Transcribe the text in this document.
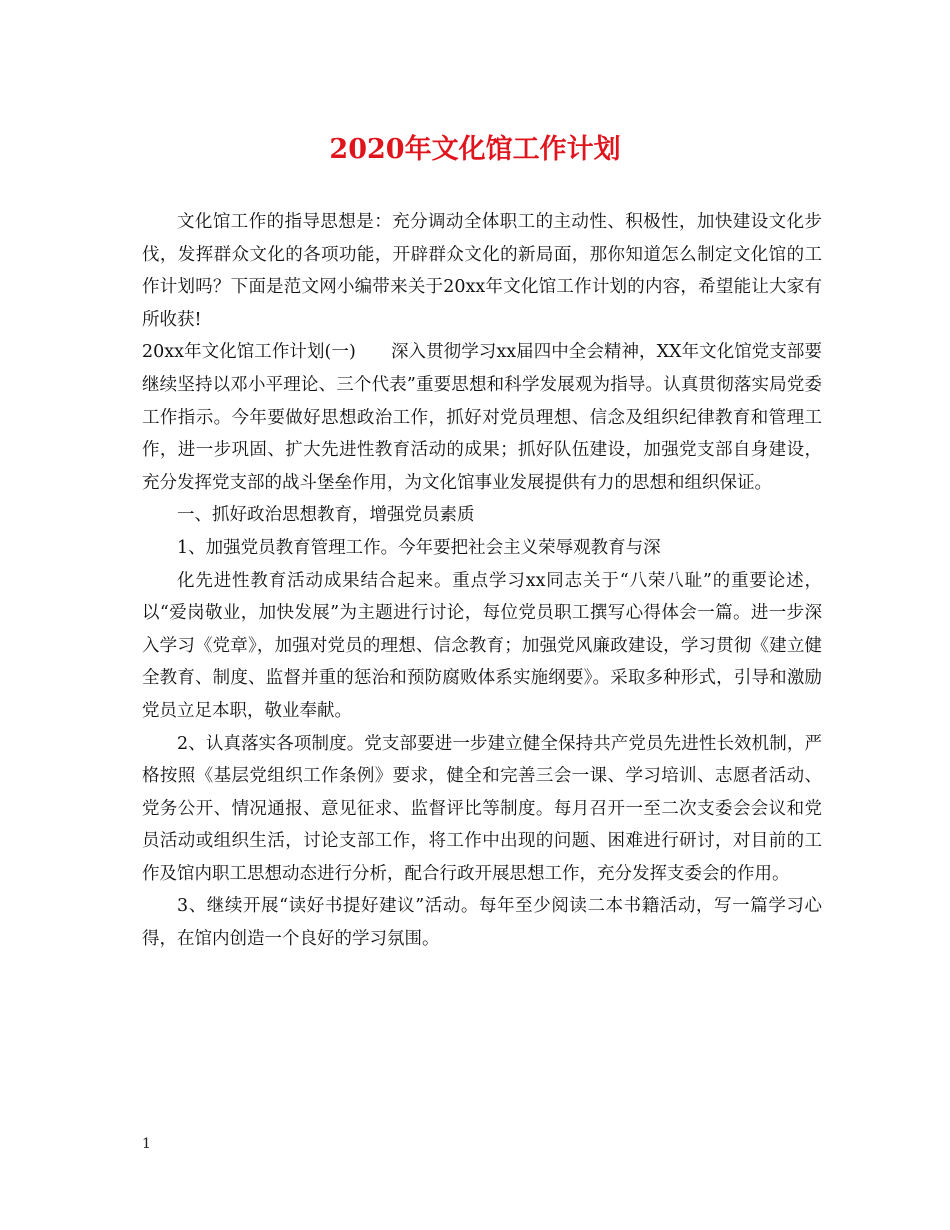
2020年文化馆工作计划

文化馆工作的指导思想是：充分调动全体职工的主动性、积极性，加快建设文化步伐，发挥群众文化的各项功能，开辟群众文化的新局面，那你知道怎么制定文化馆的工作计划吗？下面是范文网小编带来关于20xx年文化馆工作计划的内容，希望能让大家有所收获!

20xx年文化馆工作计划(一)　　深入贯彻学习xx届四中全会精神，XX年文化馆党支部要继续坚持以邓小平理论、三个代表”重要思想和科学发展观为指导。认真贯彻落实局党委工作指示。今年要做好思想政治工作，抓好对党员理想、信念及组织纪律教育和管理工作，进一步巩固、扩大先进性教育活动的成果；抓好队伍建设，加强党支部自身建设，充分发挥党支部的战斗堡垒作用，为文化馆事业发展提供有力的思想和组织保证。

一、抓好政治思想教育，增强党员素质

1、加强党员教育管理工作。今年要把社会主义荣辱观教育与深

化先进性教育活动成果结合起来。重点学习xx同志关于“八荣八耻”的重要论述，以“爱岗敬业，加快发展”为主题进行讨论，每位党员职工撰写心得体会一篇。进一步深入学习《党章》，加强对党员的理想、信念教育；加强党风廉政建设，学习贯彻《建立健全教育、制度、监督并重的惩治和预防腐败体系实施纲要》。采取多种形式，引导和激励党员立足本职，敬业奉献。

2、认真落实各项制度。党支部要进一步建立健全保持共产党员先进性长效机制，严格按照《基层党组织工作条例》要求，健全和完善三会一课、学习培训、志愿者活动、党务公开、情况通报、意见征求、监督评比等制度。每月召开一至二次支委会会议和党员活动或组织生活，讨论支部工作，将工作中出现的问题、困难进行研讨，对目前的工作及馆内职工思想动态进行分析，配合行政开展思想工作，充分发挥支委会的作用。

3、继续开展“读好书提好建议”活动。每年至少阅读二本书籍活动，写一篇学习心得，在馆内创造一个良好的学习氛围。

1
